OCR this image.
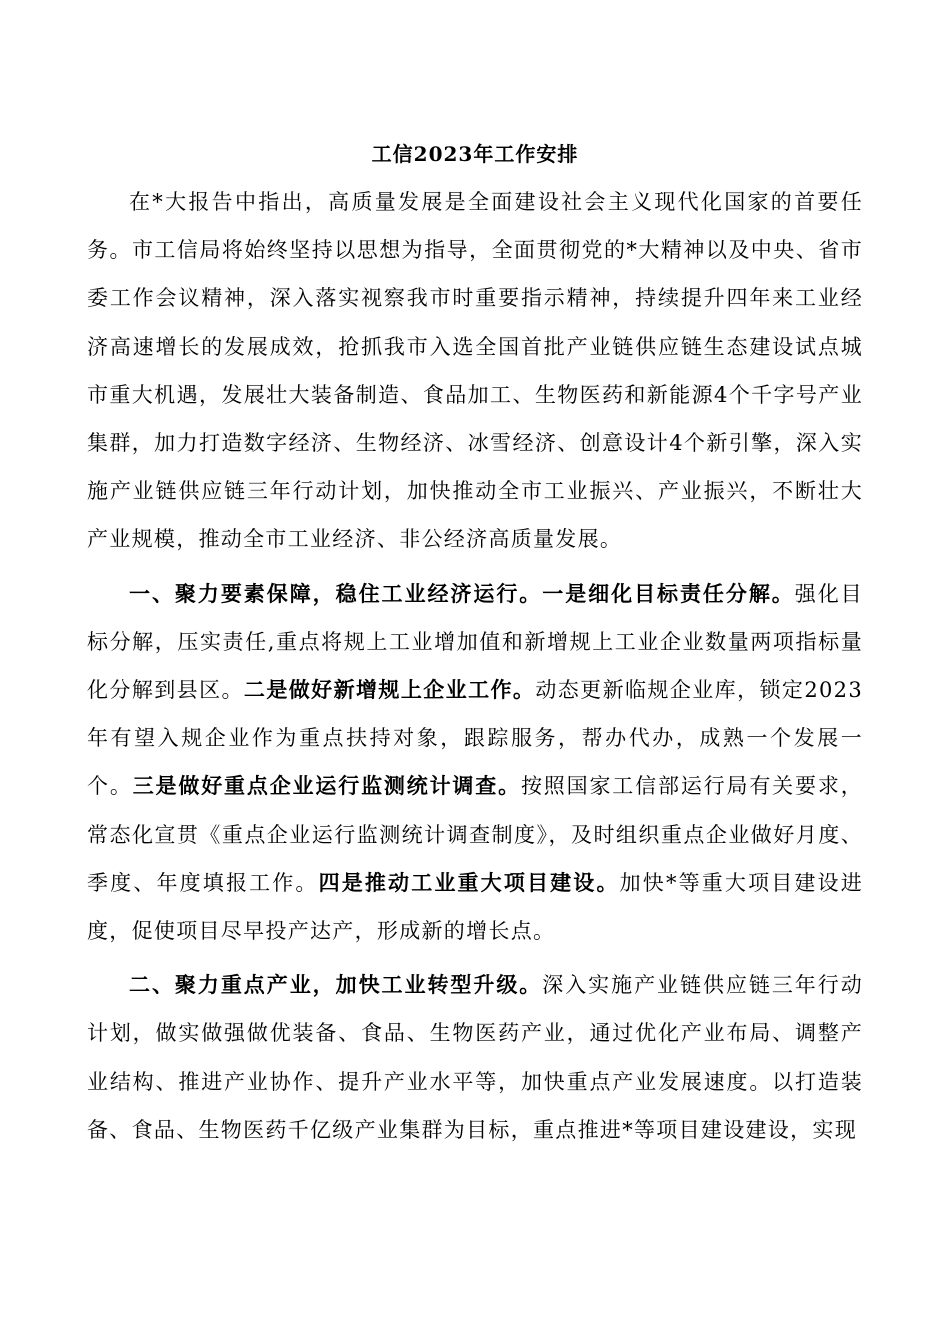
工信2023年工作安排

在*大报告中指出，高质量发展是全面建设社会主义现代化国家的首要任务。市工信局将始终坚持以思想为指导，全面贯彻党的*大精神以及中央、省市委工作会议精神，深入落实视察我市时重要指示精神，持续提升四年来工业经济高速增长的发展成效，抢抓我市入选全国首批产业链供应链生态建设试点城市重大机遇，发展壮大装备制造、食品加工、生物医药和新能源4个千字号产业集群，加力打造数字经济、生物经济、冰雪经济、创意设计4个新引擎，深入实施产业链供应链三年行动计划，加快推动全市工业振兴、产业振兴，不断壮大产业规模，推动全市工业经济、非公经济高质量发展。

一、聚力要素保障，稳住工业经济运行。一是细化目标责任分解。强化目标分解，压实责任,重点将规上工业增加值和新增规上工业企业数量两项指标量化分解到县区。二是做好新增规上企业工作。动态更新临规企业库，锁定2023年有望入规企业作为重点扶持对象，跟踪服务，帮办代办，成熟一个发展一个。三是做好重点企业运行监测统计调查。按照国家工信部运行局有关要求，常态化宣贯《重点企业运行监测统计调查制度》，及时组织重点企业做好月度、季度、年度填报工作。四是推动工业重大项目建设。加快*等重大项目建设进度，促使项目尽早投产达产，形成新的增长点。

二、聚力重点产业，加快工业转型升级。深入实施产业链供应链三年行动计划，做实做强做优装备、食品、生物医药产业，通过优化产业布局、调整产业结构、推进产业协作、提升产业水平等，加快重点产业发展速度。以打造装备、食品、生物医药千亿级产业集群为目标，重点推进*等项目建设建设，实现
